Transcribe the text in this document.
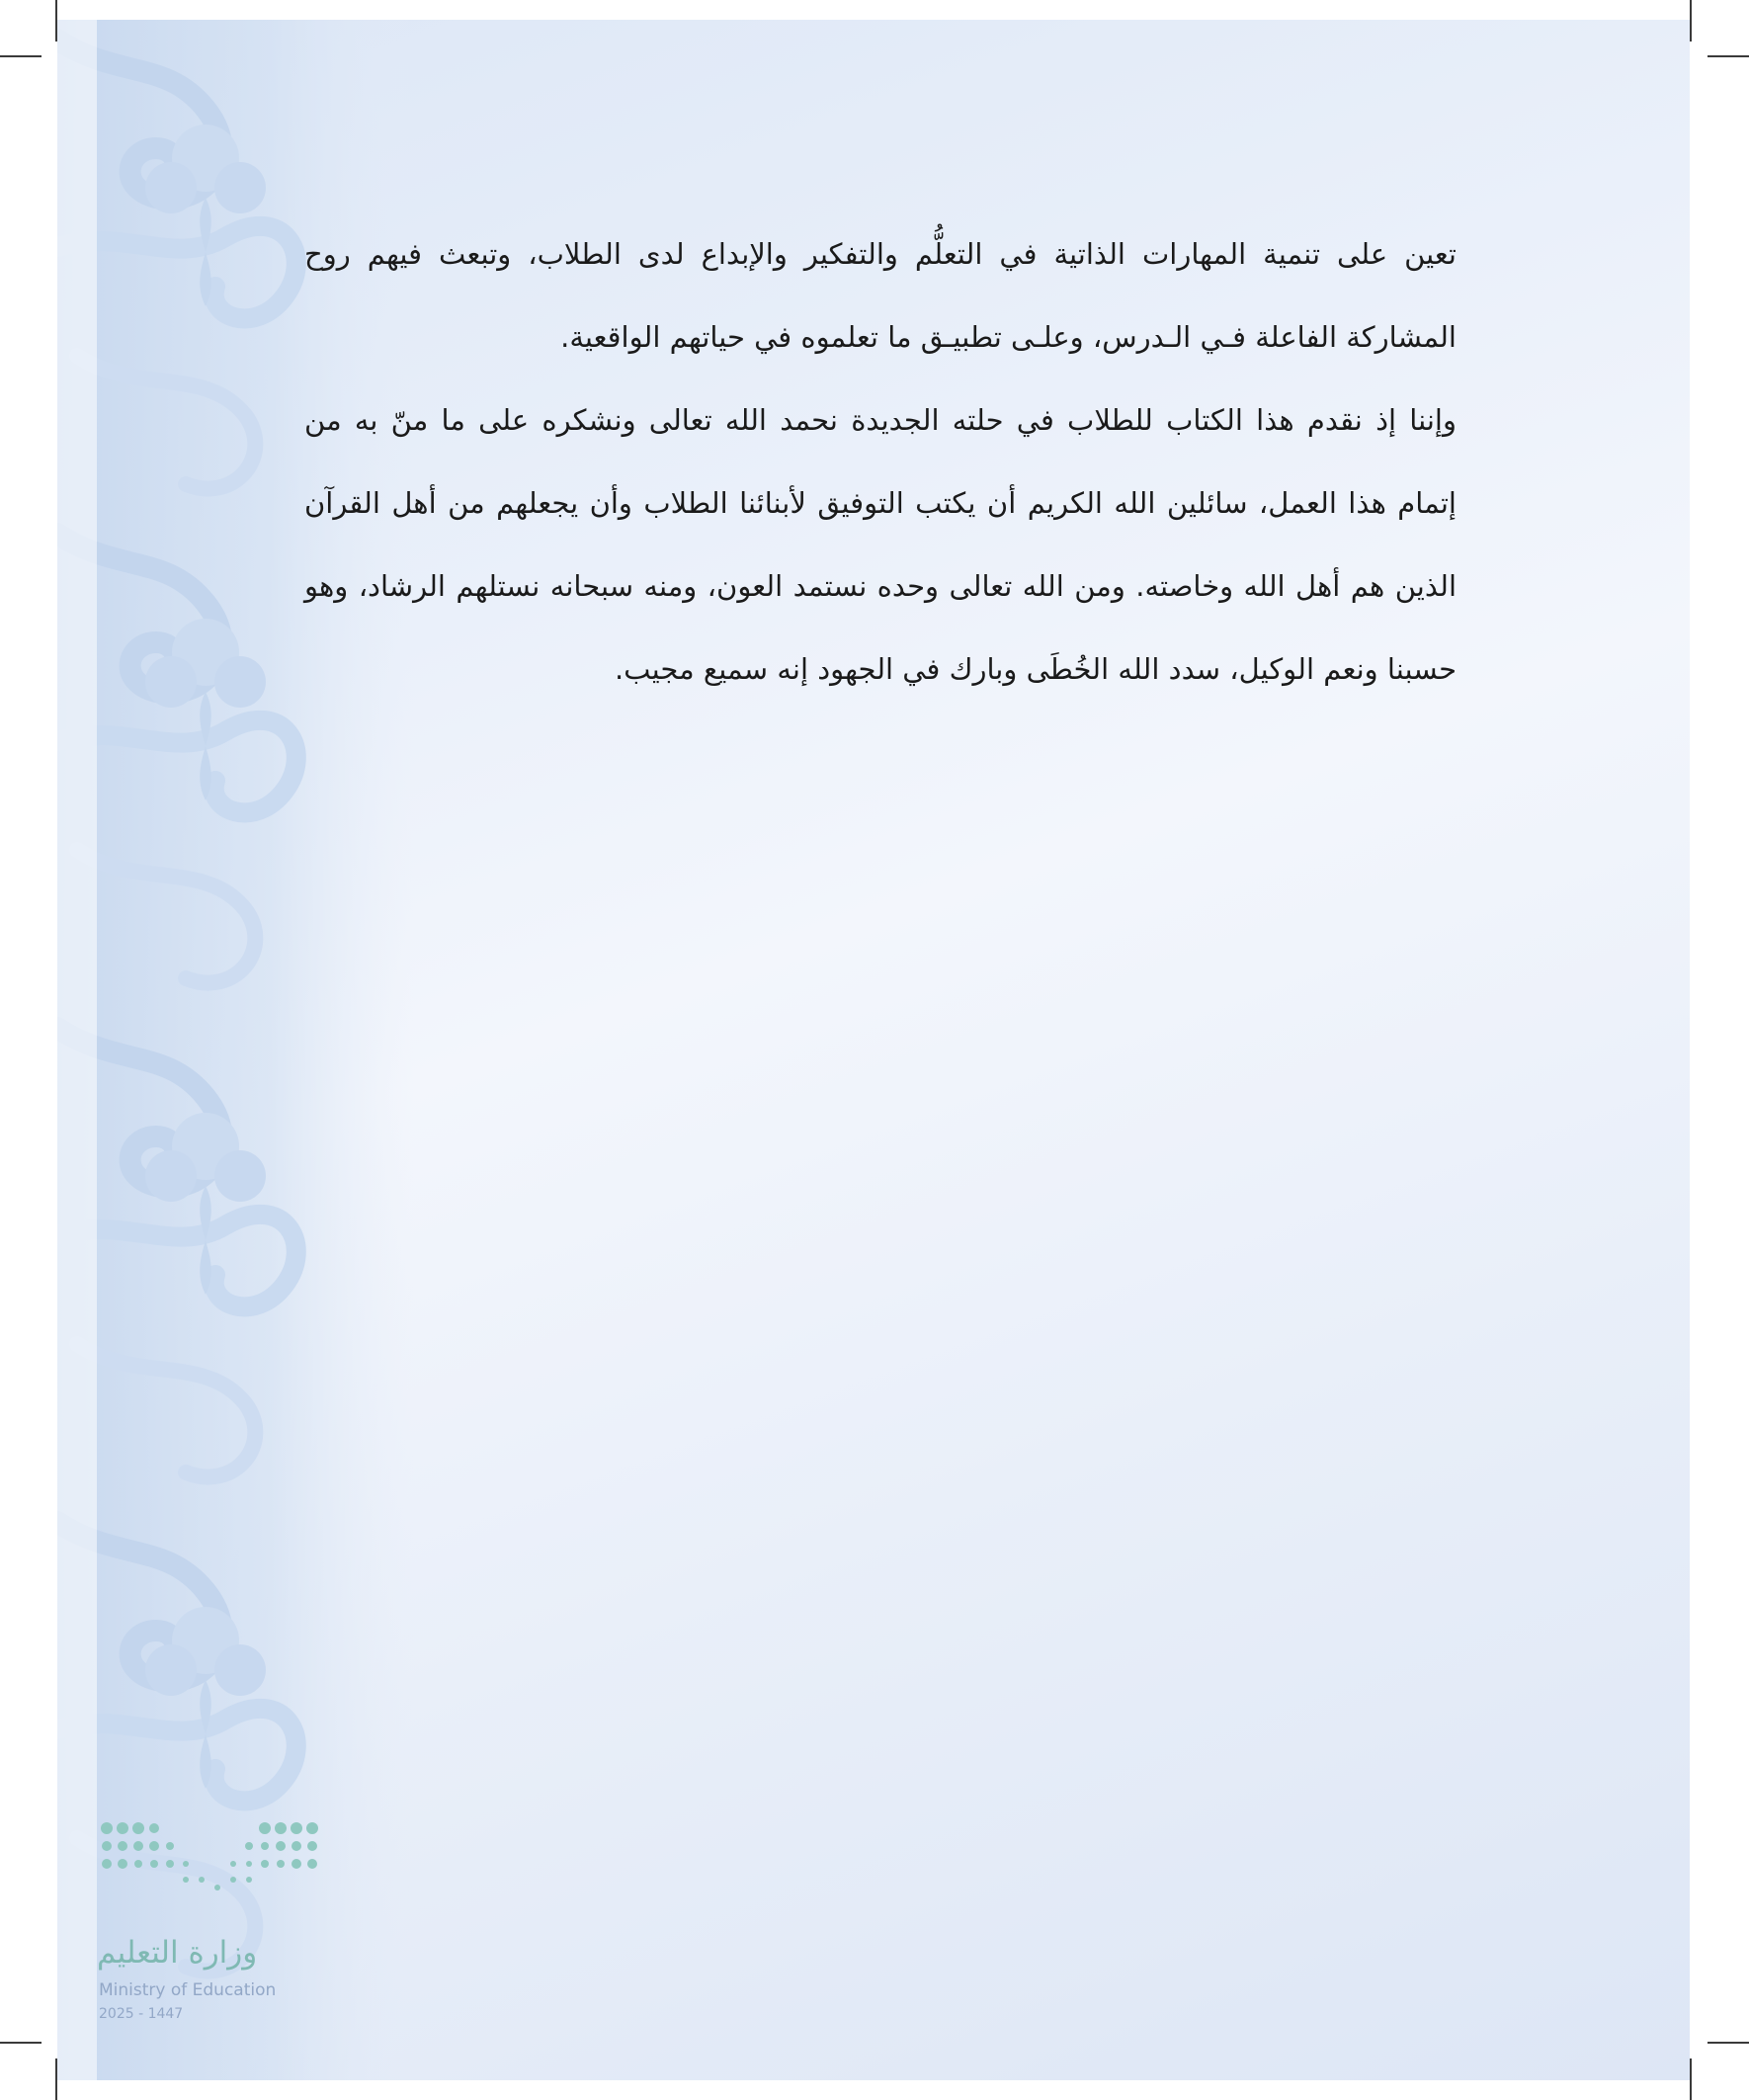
تعين على تنمية المهارات الذاتية في التعلُّم والتفكير والإبداع لدى الطلاب، وتبعث فيهم روح المشاركة الفاعلة فـي الـدرس، وعلـى تطبيـق ما تعلموه في حياتهم الواقعية.

وإننا إذ نقدم هذا الكتاب للطلاب في حلته الجديدة نحمد الله تعالى ونشكره على ما منّ به من إتمام هذا العمل، سائلين الله الكريم أن يكتب التوفيق لأبنائنا الطلاب وأن يجعلهم من أهل القرآن الذين هم أهل الله وخاصته. ومن الله تعالى وحده نستمد العون، ومنه سبحانه نستلهم الرشاد، وهو حسبنا ونعم الوكيل، سدد الله الخُطَى وبارك في الجهود إنه سميع مجيب.

وزارة التعليم
Ministry of Education
2025 - 1447
